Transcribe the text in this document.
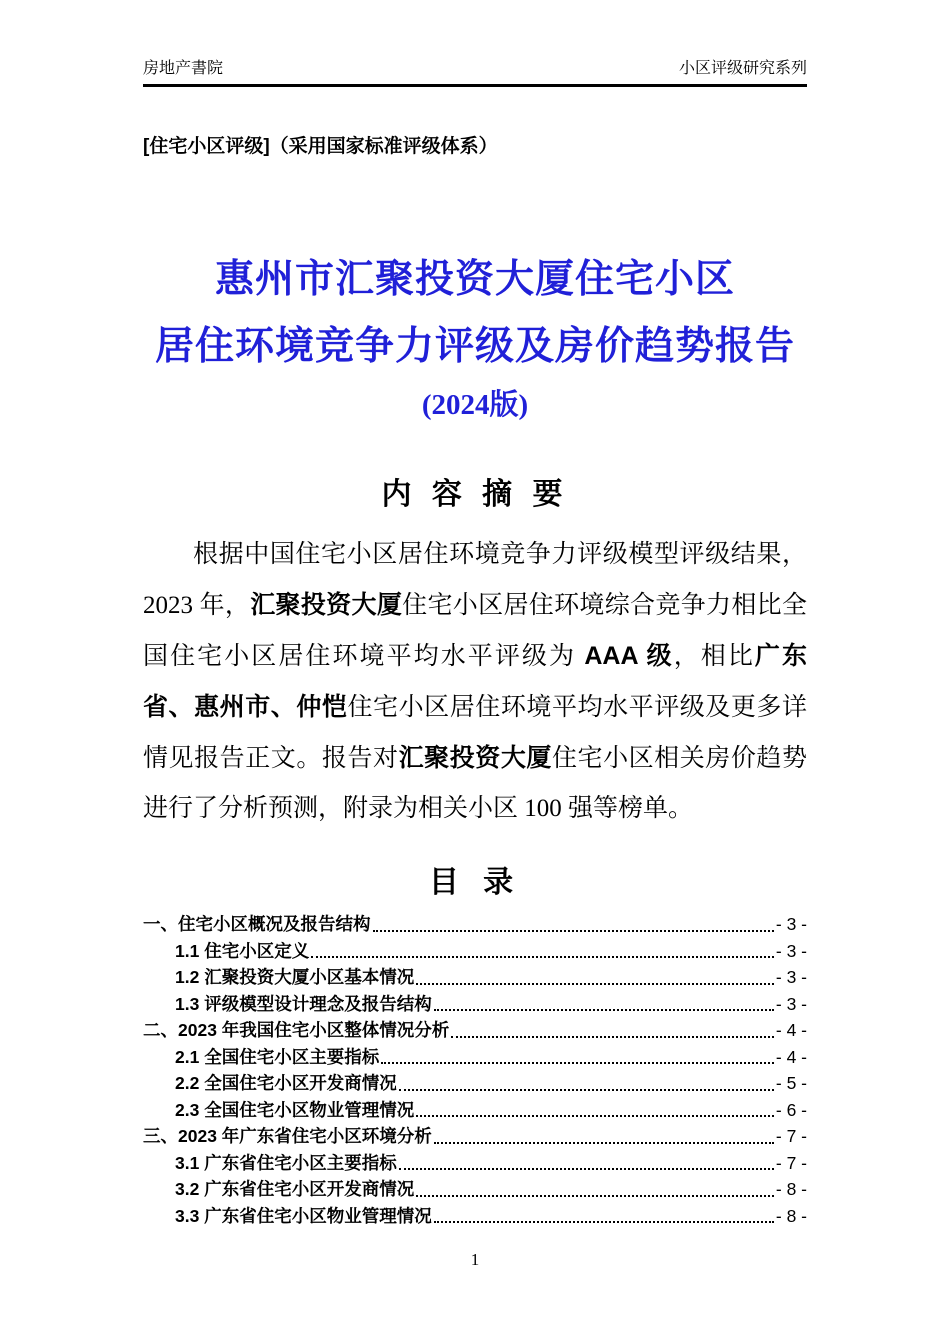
房地产書院	小区评级研究系列
[住宅小区评级]（采用国家标准评级体系）
惠州市汇聚投资大厦住宅小区
居住环境竞争力评级及房价趋势报告
(2024版)
内 容 摘 要

根据中国住宅小区居住环境竞争力评级模型评级结果，2023 年，汇聚投资大厦住宅小区居住环境综合竞争力相比全国住宅小区居住环境平均水平评级为 AAA 级，相比广东省、惠州市、仲恺住宅小区居住环境平均水平评级及更多详情见报告正文。报告对汇聚投资大厦住宅小区相关房价趋势进行了分析预测，附录为相关小区 100 强等榜单。

目 录
一、住宅小区概况及报告结构	- 3 -
1.1 住宅小区定义	- 3 -
1.2 汇聚投资大厦小区基本情况	- 3 -
1.3 评级模型设计理念及报告结构	- 3 -
二、2023 年我国住宅小区整体情况分析	- 4 -
2.1 全国住宅小区主要指标	- 4 -
2.2 全国住宅小区开发商情况	- 5 -
2.3 全国住宅小区物业管理情况	- 6 -
三、2023 年广东省住宅小区环境分析	- 7 -
3.1 广东省住宅小区主要指标	- 7 -
3.2 广东省住宅小区开发商情况	- 8 -
3.3 广东省住宅小区物业管理情况	- 8 -
1
